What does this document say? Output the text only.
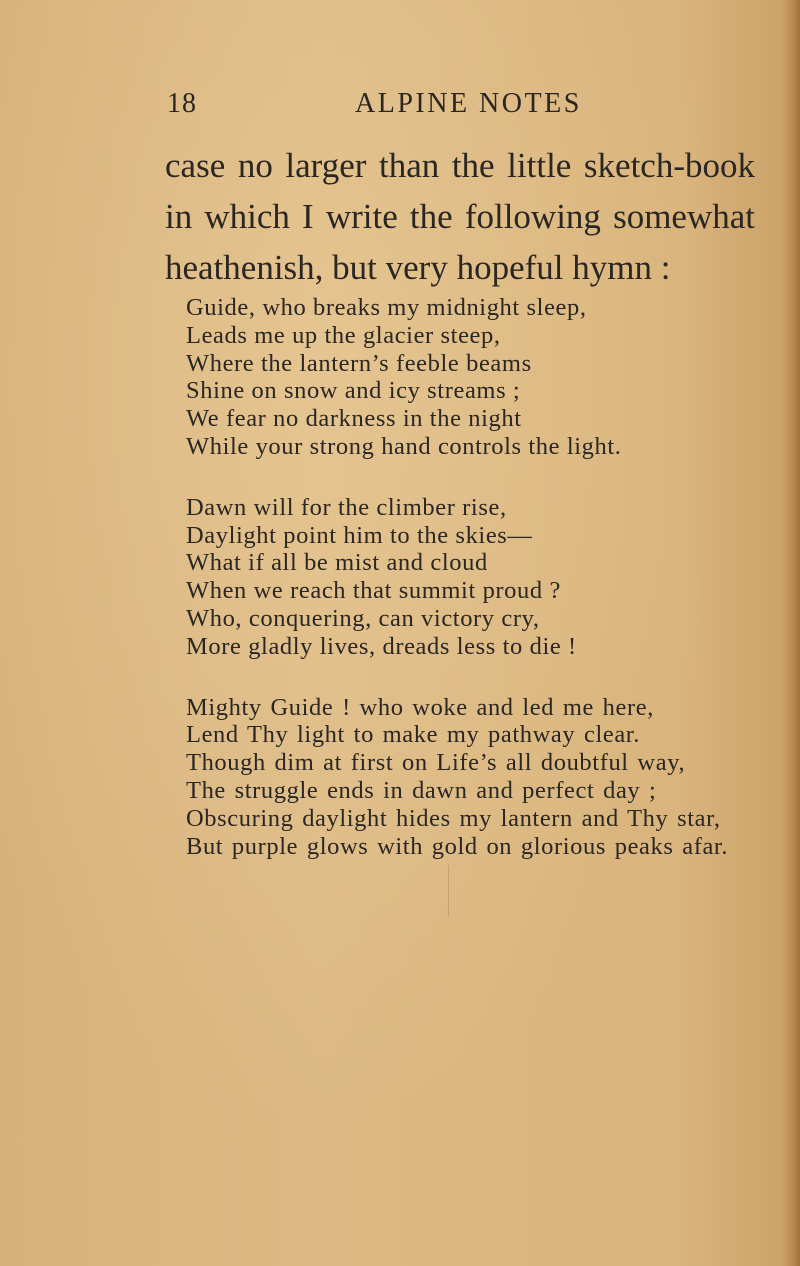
18	ALPINE NOTES
case no larger than the little sketch-book
in which I write the following somewhat
heathenish, but very hopeful hymn :
Guide, who breaks my midnight sleep,
Leads me up the glacier steep,
Where the lantern’s feeble beams
Shine on snow and icy streams ;
We fear no darkness in the night
While your strong hand controls the light.
Dawn will for the climber rise,
Daylight point him to the skies—
What if all be mist and cloud
When we reach that summit proud ?
Who, conquering, can victory cry,
More gladly lives, dreads less to die !
Mighty Guide ! who woke and led me here,
Lend Thy light to make my pathway clear.
Though dim at first on Life’s all doubtful way,
The struggle ends in dawn and perfect day ;
Obscuring daylight hides my lantern and Thy star,
But purple glows with gold on glorious peaks afar.
